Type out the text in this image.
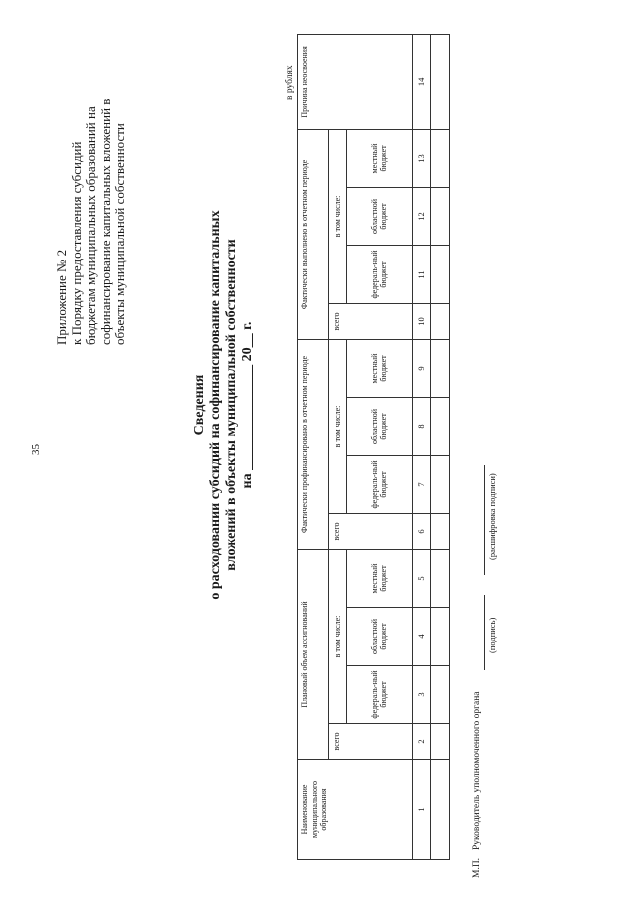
35
Приложение № 2 к Порядку предоставления субсидий бюджетам муниципальных образований на софинансирование капитальных вложений в объекты муниципальной собственности
Сведения о расходовании субсидий на софинансирование капитальных вложений в объекты муниципальной собственности на _______________ 20__ г.
в рублях
Наименование муниципального образования	Плановый объем ассигнований				Фактически профинансировано в отчетном периоде				Фактически выполнено в отчетном периоде				Причина неосвоения
	всего	в том числе:			всего	в том числе:			всего	в том числе:			
		федераль-ный бюджет	областной бюджет	местный бюджет		федераль-ный бюджет	областной бюджет	местный бюджет		федераль-ный бюджет	областной бюджет	местный бюджет	
1	2	3	4	5	6	7	8	9	10	11	12	13	14

М.П.
Руководитель уполномоченного органа
(подпись)
(расшифровка подписи)
